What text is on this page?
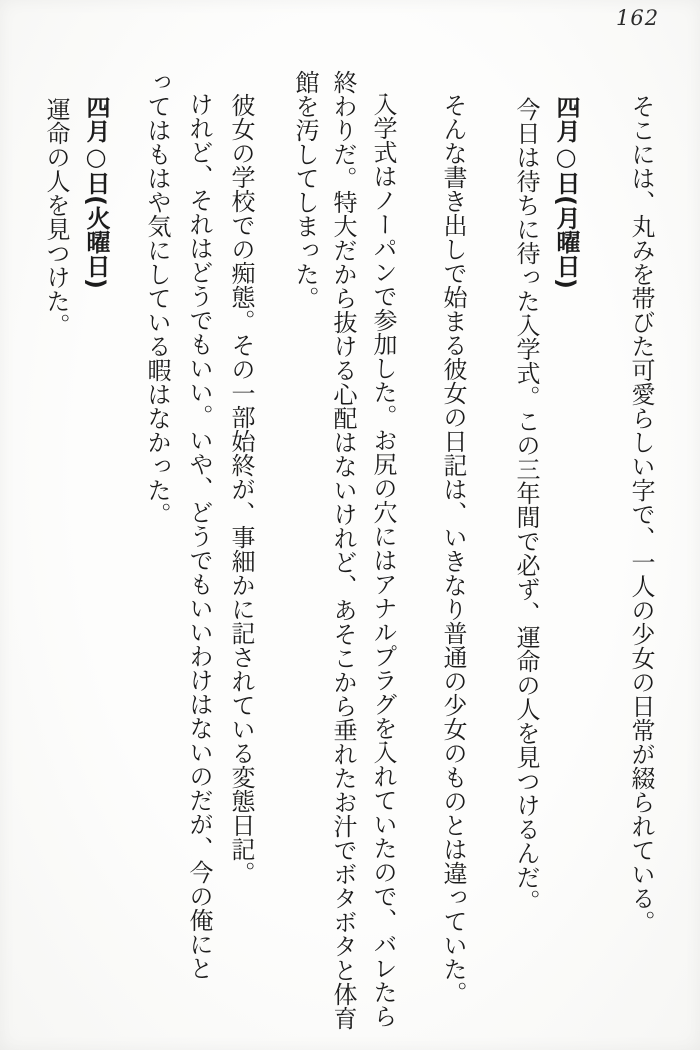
162
そこには、丸みを帯びた可愛らしい字で、一人の少女の日常が綴られている。
四月○日(月曜日)
今日は待ちに待った入学式。この三年間で必ず、運命の人を見つけるんだ。
そんな書き出しで始まる彼女の日記は、いきなり普通の少女のものとは違っていた。
入学式はノーパンで参加した。お尻の穴にはアナルプラグを入れていたので、バレたら
終わりだ。特大だから抜ける心配はないけれど、あそこから垂れたお汁でボタボタと体育
館を汚してしまった。
彼女の学校での痴態。その一部始終が、事細かに記されている変態日記。
けれど、それはどうでもいい。いや、どうでもいいわけはないのだが、今の俺にと
ってはもはや気にしている暇はなかった。
四月○日(火曜日)
運命の人を見つけた。
